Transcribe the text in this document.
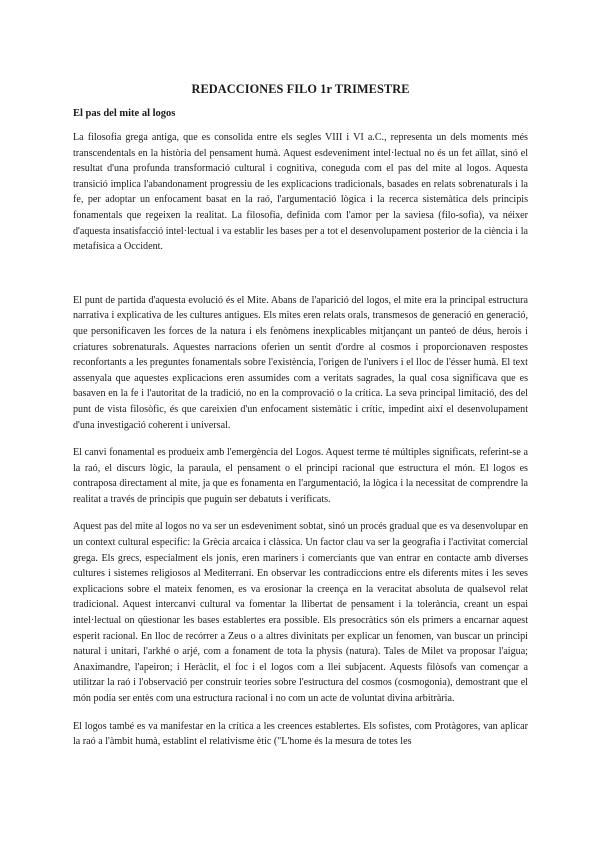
REDACCIONES FILO 1r TRIMESTRE
El pas del mite al logos

La filosofia grega antiga, que es consolida entre els segles VIII i VI a.C., representa un dels moments més transcendentals en la història del pensament humà. Aquest esdeveniment intel·lectual no és un fet aïllat, sinó el resultat d'una profunda transformació cultural i cognitiva, coneguda com el pas del mite al logos. Aquesta transició implica l'abandonament progressiu de les explicacions tradicionals, basades en relats sobrenaturals i la fe, per adoptar un enfocament basat en la raó, l'argumentació lògica i la recerca sistemàtica dels principis fonamentals que regeixen la realitat. La filosofia, definida com l'amor per la saviesa (filo-sofia), va néixer d'aquesta insatisfacció intel·lectual i va establir les bases per a tot el desenvolupament posterior de la ciència i la metafísica a Occident.

El punt de partida d'aquesta evolució és el Mite. Abans de l'aparició del logos, el mite era la principal estructura narrativa i explicativa de les cultures antigues. Els mites eren relats orals, transmesos de generació en generació, que personificaven les forces de la natura i els fenòmens inexplicables mitjançant un panteó de déus, herois i criatures sobrenaturals. Aquestes narracions oferien un sentit d'ordre al cosmos i proporcionaven respostes reconfortants a les preguntes fonamentals sobre l'existència, l'origen de l'univers i el lloc de l'ésser humà. El text assenyala que aquestes explicacions eren assumides com a veritats sagrades, la qual cosa significava que es basaven en la fe i l'autoritat de la tradició, no en la comprovació o la crítica. La seva principal limitació, des del punt de vista filosòfic, és que careixien d'un enfocament sistemàtic i crític, impedint així el desenvolupament d'una investigació coherent i universal.

El canvi fonamental es produeix amb l'emergència del Logos. Aquest terme té múltiples significats, referint-se a la raó, el discurs lògic, la paraula, el pensament o el principi racional que estructura el món. El logos es contraposa directament al mite, ja que es fonamenta en l'argumentació, la lògica i la necessitat de comprendre la realitat a través de principis que puguin ser debatuts i verificats.

Aquest pas del mite al logos no va ser un esdeveniment sobtat, sinó un procés gradual que es va desenvolupar en un context cultural específic: la Grècia arcaica i clàssica. Un factor clau va ser la geografia i l'activitat comercial grega. Els grecs, especialment els jonis, eren mariners i comerciants que van entrar en contacte amb diverses cultures i sistemes religiosos al Mediterrani. En observar les contradiccions entre els diferents mites i les seves explicacions sobre el mateix fenomen, es va erosionar la creença en la veracitat absoluta de qualsevol relat tradicional. Aquest intercanvi cultural va fomentar la llibertat de pensament i la tolerància, creant un espai intel·lectual on qüestionar les bases establertes era possible. Els presocràtics són els primers a encarnar aquest esperit racional. En lloc de recórrer a Zeus o a altres divinitats per explicar un fenomen, van buscar un principi natural i unitari, l'arkhé o arjé, com a fonament de tota la physis (natura). Tales de Milet va proposar l'aigua; Anaximandre, l'apeiron; i Heràclit, el foc i el logos com a llei subjacent. Aquests filòsofs van començar a utilitzar la raó i l'observació per construir teories sobre l'estructura del cosmos (cosmogonia), demostrant que el món podia ser entès com una estructura racional i no com un acte de voluntat divina arbitrària.

El logos també es va manifestar en la crítica a les creences establertes. Els sofistes, com Protàgores, van aplicar la raó a l'àmbit humà, establint el relativisme ètic ("L'home és la mesura de totes les
